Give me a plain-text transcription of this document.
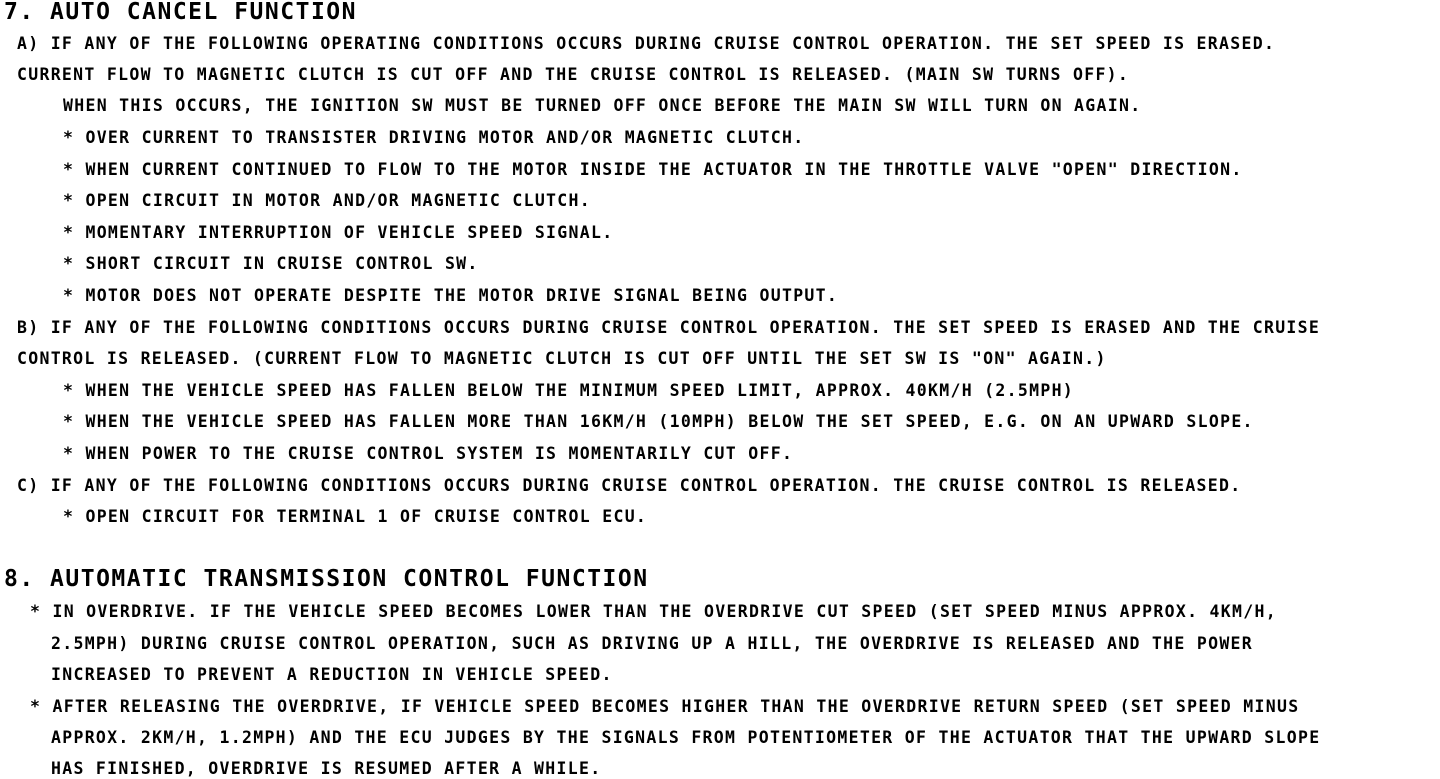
7. AUTO CANCEL FUNCTION
A) IF ANY OF THE FOLLOWING OPERATING CONDITIONS OCCURS DURING CRUISE CONTROL OPERATION. THE SET SPEED IS ERASED.
CURRENT FLOW TO MAGNETIC CLUTCH IS CUT OFF AND THE CRUISE CONTROL IS RELEASED. (MAIN SW TURNS OFF).
WHEN THIS OCCURS, THE IGNITION SW MUST BE TURNED OFF ONCE BEFORE THE MAIN SW WILL TURN ON AGAIN.
* OVER CURRENT TO TRANSISTER DRIVING MOTOR AND/OR MAGNETIC CLUTCH.
* WHEN CURRENT CONTINUED TO FLOW TO THE MOTOR INSIDE THE ACTUATOR IN THE THROTTLE VALVE "OPEN" DIRECTION.
* OPEN CIRCUIT IN MOTOR AND/OR MAGNETIC CLUTCH.
* MOMENTARY INTERRUPTION OF VEHICLE SPEED SIGNAL.
* SHORT CIRCUIT IN CRUISE CONTROL SW.
* MOTOR DOES NOT OPERATE DESPITE THE MOTOR DRIVE SIGNAL BEING OUTPUT.
B) IF ANY OF THE FOLLOWING CONDITIONS OCCURS DURING CRUISE CONTROL OPERATION. THE SET SPEED IS ERASED AND THE CRUISE
CONTROL IS RELEASED. (CURRENT FLOW TO MAGNETIC CLUTCH IS CUT OFF UNTIL THE SET SW IS "ON" AGAIN.)
* WHEN THE VEHICLE SPEED HAS FALLEN BELOW THE MINIMUM SPEED LIMIT, APPROX. 40KM/H (2.5MPH)
* WHEN THE VEHICLE SPEED HAS FALLEN MORE THAN 16KM/H (10MPH) BELOW THE SET SPEED, E.G. ON AN UPWARD SLOPE.
* WHEN POWER TO THE CRUISE CONTROL SYSTEM IS MOMENTARILY CUT OFF.
C) IF ANY OF THE FOLLOWING CONDITIONS OCCURS DURING CRUISE CONTROL OPERATION. THE CRUISE CONTROL IS RELEASED.
* OPEN CIRCUIT FOR TERMINAL 1 OF CRUISE CONTROL ECU.
8. AUTOMATIC TRANSMISSION CONTROL FUNCTION
* IN OVERDRIVE. IF THE VEHICLE SPEED BECOMES LOWER THAN THE OVERDRIVE CUT SPEED (SET SPEED MINUS APPROX. 4KM/H,
2.5MPH) DURING CRUISE CONTROL OPERATION, SUCH AS DRIVING UP A HILL, THE OVERDRIVE IS RELEASED AND THE POWER
INCREASED TO PREVENT A REDUCTION IN VEHICLE SPEED.
* AFTER RELEASING THE OVERDRIVE, IF VEHICLE SPEED BECOMES HIGHER THAN THE OVERDRIVE RETURN SPEED (SET SPEED MINUS
APPROX. 2KM/H, 1.2MPH) AND THE ECU JUDGES BY THE SIGNALS FROM POTENTIOMETER OF THE ACTUATOR THAT THE UPWARD SLOPE
HAS FINISHED, OVERDRIVE IS RESUMED AFTER A WHILE.
